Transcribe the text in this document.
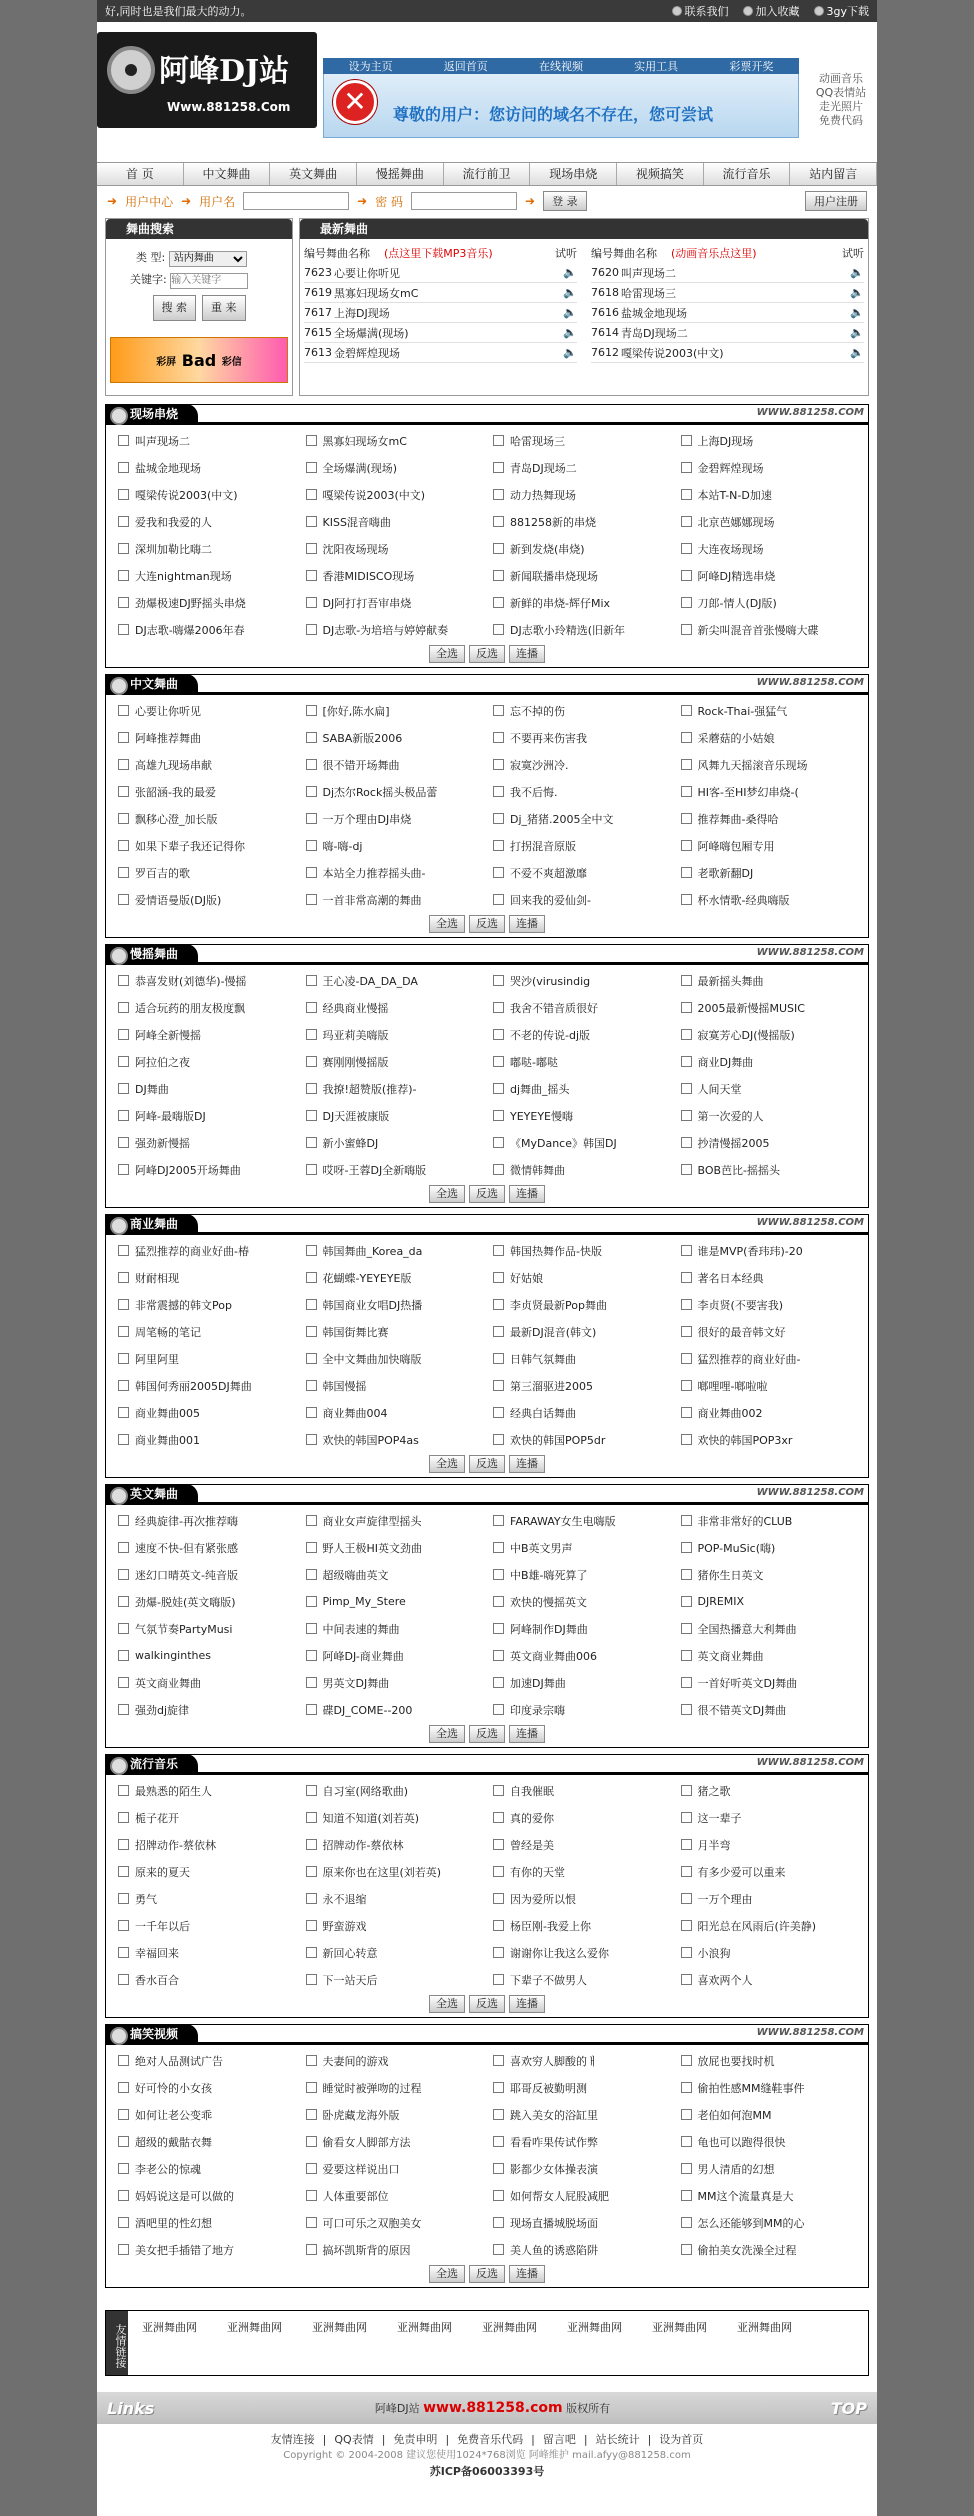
好,同时也是我们最大的动力。	联系我们 加入收藏 3gy下载
阿峰DJ站
Www.881258.Com
设为主页	返回首页	在线视频	实用工具	彩票开奖
✕	尊敬的用户：您访问的域名不存在，您可尝试
动画音乐
QQ表情站
走光照片
免费代码
首 页	中文舞曲	英文舞曲	慢摇舞曲	流行前卫	现场串烧	视频搞笑	流行音乐	站内留言
➜ 用户中心 ➜ 用户名	➜ 密 码	➜	登 录	用户注册
舞曲搜索
类 型:
站内舞曲
关键字: 输入关键字
搜 索	重 来
彩屏
Bad
彩信
最新舞曲
编号 舞曲名称	(点这里下载MP3音乐)	试听
7623 心要让你听见	🔈
7619 黑寡妇现场女mC	🔈
7617 上海DJ现场	🔈
7615 全场爆满(现场)	🔈
7613 金碧辉煌现场	🔈
编号 舞曲名称	(动画音乐点这里)	试听
7620 叫声现场二	🔈
7618 哈雷现场三	🔈
7616 盐城金地现场	🔈
7614 青岛DJ现场二	🔈
7612 嘎梁传说2003(中文)	🔈
现场串烧	WWW.881258.COM
叫声现场二	黑寡妇现场女mC	哈雷现场三	上海DJ现场
盐城金地现场	全场爆满(现场)	青岛DJ现场二	金碧辉煌现场
嘎梁传说2003(中文)	嘎梁传说2003(中文)	动力热舞现场	本站T-N-D加速
爱我和我爱的人	KISS混音嗨曲	881258新的串烧	北京芭娜娜现场
深圳加勒比嗨二	沈阳夜场现场	新到发烧(串烧)	大连夜场现场
大连nightman现场	香港MIDISCO现场	新闻联播串烧现场	阿峰DJ精选串烧
劲爆极速DJ野摇头串烧	DJ阿打打吾审串烧	新鲜的串烧-辉仔Mix	刀郎-情人(DJ版)
DJ志歌-嗨爆2006年春	DJ志歌-为培培与婷婷献奏	DJ志歌小玲精选(旧新年	新尖叫混音首张慢嗨大碟
全选	反选	连播
中文舞曲	WWW.881258.COM
心要让你听见	[你好,陈水扁]	忘不掉的伤	Rock-Thai-强猛气
阿峰推荐舞曲	SABA新版2006	不要再来伤害我	采蘑菇的小姑娘
高雄九现场串献	很不错开场舞曲	寂寞沙洲冷.	风舞九天摇滚音乐现场
张韶涵-我的最爱	Dj杰尔Rock摇头极品蕾	我不后悔.	HI客-至HI梦幻串烧-(
飘移心澄_加长版	一万个理由DJ串烧	Dj_猪猪.2005全中文	推荐舞曲-桑得哈
如果下辈子我还记得你	嗨-嗨-dj	打拐混音原版	阿峰嗨包厢专用
罗百吉的歌	本站全力推荐摇头曲-	不爱不爽超激靡	老歌新翻DJ
爱情语曼版(DJ版)	一首非常高潮的舞曲	回来我的爱仙剑-	杯水情歌-经典嗨版
全选	反选	连播
慢摇舞曲	WWW.881258.COM
恭喜发财(刘德华)-慢摇	王心凌-DA_DA_DA	哭沙(virusindig	最新摇头舞曲
适合玩药的朋友极度飘	经典商业慢摇	我舍不错音质很好	2005最新慢摇MUSIC
阿峰全新慢摇	玛亚莉美嗨版	不老的传说-dj版	寂寞芳心DJ(慢摇版)
阿拉伯之夜	赛刚刚慢摇版	嘟哒-嘟哒	商业DJ舞曲
DJ舞曲	我撩!超赞版(推荐)-	dj舞曲_摇头	人间天堂
阿峰-最嗨版DJ	DJ天涯被康版	YEYEYE慢嗨	第一次爱的人
强劲新慢摇	新小蜜蜂DJ	《MyDance》韩国DJ	抄清慢摇2005
阿峰DJ2005开场舞曲	哎呀-王蓉DJ全新嗨版	微情韩舞曲	BOB芭比-摇摇头
全选	反选	连播
商业舞曲	WWW.881258.COM
猛烈推荐的商业好曲-椿	韩国舞曲_Korea_da	韩国热舞作品-快版	谁是MVP(香玮玮)-20
财耐相现	花蝴蝶-YEYEYE版	好姑娘	著名日本经典
非常震撼的韩文Pop	韩国商业女唱DJ热播	李贞贤最新Pop舞曲	李贞贤(不要害我)
周笔畅的笔记	韩国街舞比赛	最新DJ混音(韩文)	很好的最音韩文好
阿里阿里	全中文舞曲加快嗨版	日韩气氛舞曲	猛烈推荐的商业好曲-
韩国何秀丽2005DJ舞曲	韩国慢摇	第三溜驱进2005	啷哩哩-啷啦啦
商业舞曲005	商业舞曲004	经典白话舞曲	商业舞曲002
商业舞曲001	欢快的韩国POP4as	欢快的韩国POP5dr	欢快的韩国POP3xr
全选	反选	连播
英文舞曲	WWW.881258.COM
经典旋律-再次推荐嗨	商业女声旋律型摇头	FARAWAY女生电嗨版	非常非常好的CLUB
速度不快-但有紧张感	野人王极HI英文劲曲	中B英文男声	POP-MuSic(嗨)
迷幻口晴英文-纯音版	超级嗨曲英文	中B雄-嗨死算了	猪你生日英文
劲爆-脱娃(英文嗨版)	Pimp_My_Stere	欢快的慢摇英文	DJREMIX
气氛节奏PartyMusi	中间表速的舞曲	阿峰制作DJ舞曲	全国热播意大利舞曲
walkinginthes	阿峰DJ-商业舞曲	英文商业舞曲006	英文商业舞曲
英文商业舞曲	男英文DJ舞曲	加速DJ舞曲	一首好听英文DJ舞曲
强劲dj旋律	碟DJ_COME--200	印度录宗嗨	很不错英文DJ舞曲
全选	反选	连播
流行音乐	WWW.881258.COM
最熟悉的陌生人	自习室(网络歌曲)	自我催眠	猪之歌
栀子花开	知道不知道(刘若英)	真的爱你	这一辈子
招牌动作-蔡依林	招牌动作-蔡依林	曾经是美	月半弯
原来的夏天	原来你也在这里(刘若英)	有你的天堂	有多少爱可以重来
勇气	永不退缩	因为爱所以恨	一万个理由
一千年以后	野蛮游戏	杨臣刚-我爱上你	阳光总在风雨后(许美静)
幸福回来	新回心转意	谢谢你让我这么爱你	小浪狗
香水百合	下一站天后	下辈子不做男人	喜欢两个人
全选	反选	连播
搞笑视频	WWW.881258.COM
绝对人品测试广告	夫妻间的游戏	喜欢穷人脚酸的ㅐ	放屁也要找时机
好可怜的小女孩	睡觉时被弹吻的过程	耶哥反被勤明测	偷拍性感MM缝鞋事件
如何让老公变乖	卧虎藏龙海外版	跳入美女的浴缸里	老伯如何泡MM
超级的戴骷衣舞	偷看女人脚部方法	看看咋果传试作弊	龟也可以跑得很快
李老公的惊魂	爱要这样说出口	影都少女体操表演	男人清盾的幻想
妈妈说这是可以做的	人体重要部位	如何帮女人屁股减肥	MM这个流量真是大
酒吧里的性幻想	可口可乐之双胞美女	现场直播城脱场面	怎么还能够到MM的心
美女把手插错了地方	搞坏凯斯背的原因	美人鱼的诱惑陷阱	偷拍美女洗澡全过程
全选	反选	连播
友情链接 亚洲舞曲网	亚洲舞曲网	亚洲舞曲网	亚洲舞曲网	亚洲舞曲网	亚洲舞曲网	亚洲舞曲网	亚洲舞曲网
Links	阿峰DJ站 www.881258.com 版权所有	TOP
友情连接 | QQ表情 | 免责申明 | 免费音乐代码 | 留言吧 | 站长统计 | 设为首页
Copyright © 2004-2008 建议您使用1024*768浏览 阿峰维护 mail.afyy@881258.com
苏ICP备06003393号
